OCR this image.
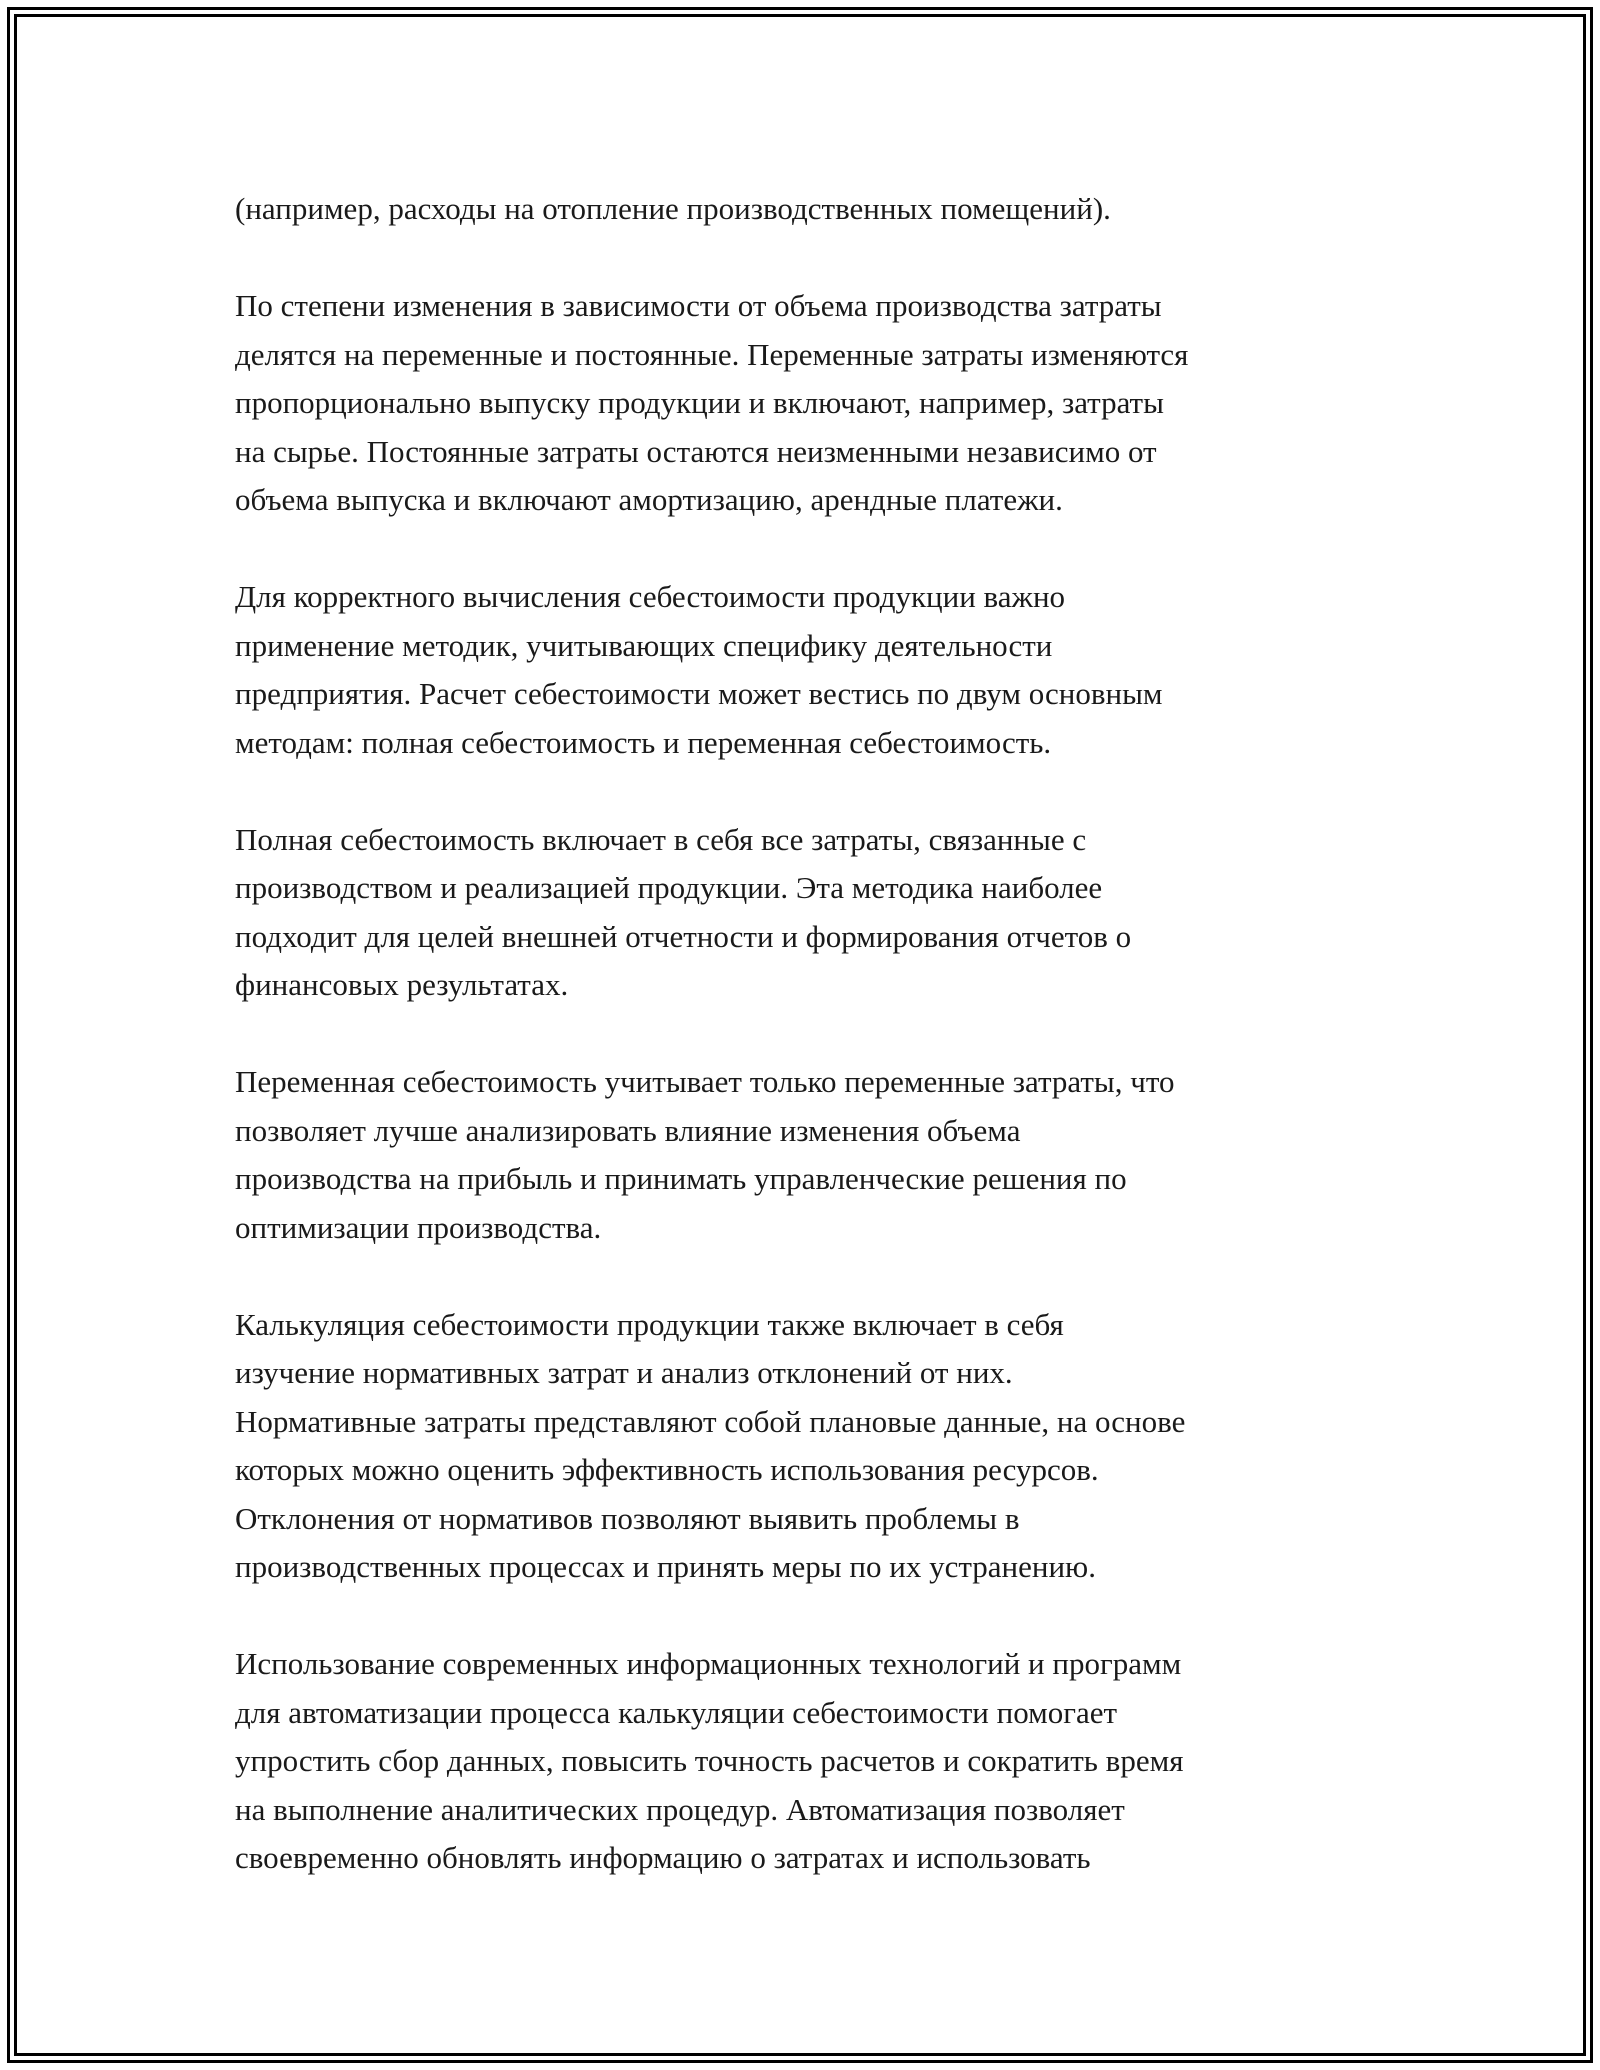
(например, расходы на отопление производственных помещений).

По степени изменения в зависимости от объема производства затраты
делятся на переменные и постоянные. Переменные затраты изменяются
пропорционально выпуску продукции и включают, например, затраты
на сырье. Постоянные затраты остаются неизменными независимо от
объема выпуска и включают амортизацию, арендные платежи.

Для корректного вычисления себестоимости продукции важно
применение методик, учитывающих специфику деятельности
предприятия. Расчет себестоимости может вестись по двум основным
методам: полная себестоимость и переменная себестоимость.

Полная себестоимость включает в себя все затраты, связанные с
производством и реализацией продукции. Эта методика наиболее
подходит для целей внешней отчетности и формирования отчетов о
финансовых результатах.

Переменная себестоимость учитывает только переменные затраты, что
позволяет лучше анализировать влияние изменения объема
производства на прибыль и принимать управленческие решения по
оптимизации производства.

Калькуляция себестоимости продукции также включает в себя
изучение нормативных затрат и анализ отклонений от них.
Нормативные затраты представляют собой плановые данные, на основе
которых можно оценить эффективность использования ресурсов.
Отклонения от нормативов позволяют выявить проблемы в
производственных процессах и принять меры по их устранению.

Использование современных информационных технологий и программ
для автоматизации процесса калькуляции себестоимости помогает
упростить сбор данных, повысить точность расчетов и сократить время
на выполнение аналитических процедур. Автоматизация позволяет
своевременно обновлять информацию о затратах и использовать
